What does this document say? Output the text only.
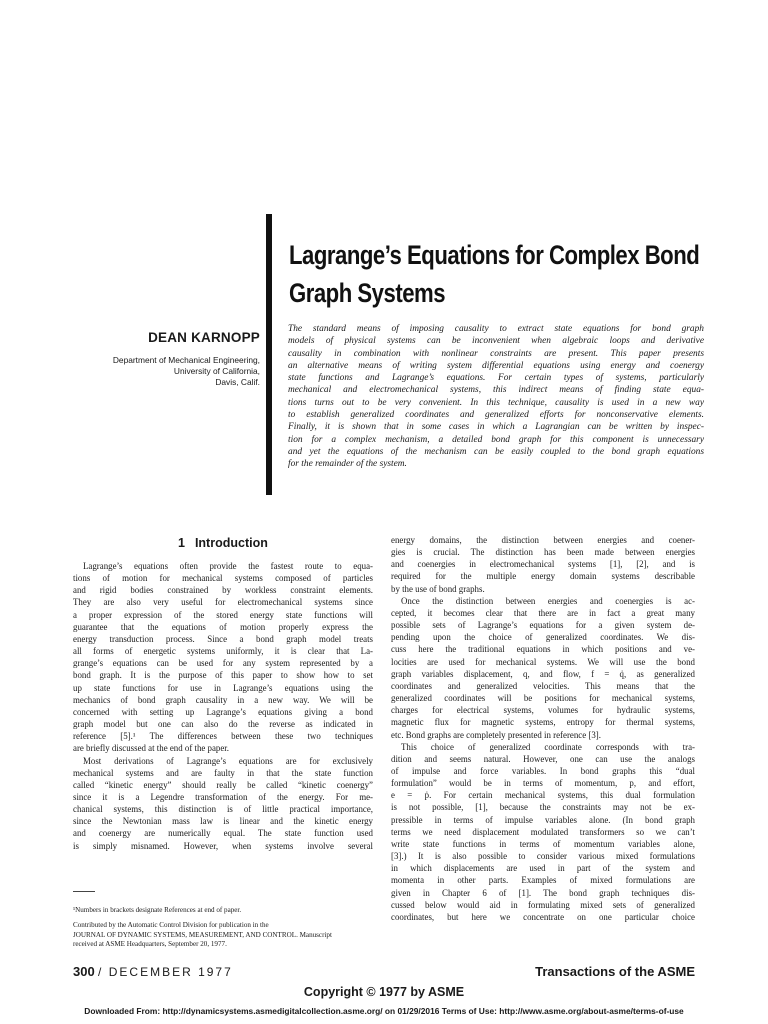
Lagrange’s Equations for Complex Bond
Graph Systems
DEAN KARNOPP
Department of Mechanical Engineering,
University of California,
Davis, Calif.
The standard means of imposing causality to extract state equations for bond graph
models of physical systems can be inconvenient when algebraic loops and derivative
causality in combination with nonlinear constraints are present. This paper presents
an alternative means of writing system differential equations using energy and coenergy
state functions and Lagrange’s equations. For certain types of systems, particularly
mechanical and electromechanical systems, this indirect means of finding state equa-
tions turns out to be very convenient. In this technique, causality is used in a new way
to establish generalized coordinates and generalized efforts for nonconservative elements.
Finally, it is shown that in some cases in which a Lagrangian can be written by inspec-
tion for a complex mechanism, a detailed bond graph for this component is unnecessary
and yet the equations of the mechanism can be easily coupled to the bond graph equations
for the remainder of the system.
1 Introduction
Lagrange’s equations often provide the fastest route to equa-
tions of motion for mechanical systems composed of particles
and rigid bodies constrained by workless constraint elements.
They are also very useful for electromechanical systems since
a proper expression of the stored energy state functions will
guarantee that the equations of motion properly express the
energy transduction process. Since a bond graph model treats
all forms of energetic systems uniformly, it is clear that La-
grange’s equations can be used for any system represented by a
bond graph. It is the purpose of this paper to show how to set
up state functions for use in Lagrange’s equations using the
mechanics of bond graph causality in a new way. We will be
concerned with setting up Lagrange’s equations giving a bond
graph model but one can also do the reverse as indicated in
reference [5].¹ The differences between these two techniques
are briefly discussed at the end of the paper.
Most derivations of Lagrange’s equations are for exclusively
mechanical systems and are faulty in that the state function
called “kinetic energy” should really be called “kinetic coenergy”
since it is a Legendre transformation of the energy. For me-
chanical systems, this distinction is of little practical importance,
since the Newtonian mass law is linear and the kinetic energy
and coenergy are numerically equal. The state function used
is simply misnamed. However, when systems involve several
energy domains, the distinction between energies and coener-
gies is crucial. The distinction has been made between energies
and coenergies in electromechanical systems [1], [2], and is
required for the multiple energy domain systems describable
by the use of bond graphs.
Once the distinction between energies and coenergies is ac-
cepted, it becomes clear that there are in fact a great many
possible sets of Lagrange’s equations for a given system de-
pending upon the choice of generalized coordinates. We dis-
cuss here the traditional equations in which positions and ve-
locities are used for mechanical systems. We will use the bond
graph variables displacement, q, and flow, f = q̇, as generalized
coordinates and generalized velocities. This means that the
generalized coordinates will be positions for mechanical systems,
charges for electrical systems, volumes for hydraulic systems,
magnetic flux for magnetic systems, entropy for thermal systems,
etc. Bond graphs are completely presented in reference [3].
This choice of generalized coordinate corresponds with tra-
dition and seems natural. However, one can use the analogs
of impulse and force variables. In bond graphs this “dual
formulation” would be in terms of momentum, p, and effort,
e = ṗ. For certain mechanical systems, this dual formulation
is not possible, [1], because the constraints may not be ex-
pressible in terms of impulse variables alone. (In bond graph
terms we need displacement modulated transformers so we can’t
write state functions in terms of momentum variables alone,
[3].) It is also possible to consider various mixed formulations
in which displacements are used in part of the system and
momenta in other parts. Examples of mixed formulations are
given in Chapter 6 of [1]. The bond graph techniques dis-
cussed below would aid in formulating mixed sets of generalized
coordinates, but here we concentrate on one particular choice
¹Numbers in brackets designate References at end of paper.
Contributed by the Automatic Control Division for publication in the
JOURNAL OF DYNAMIC SYSTEMS, MEASUREMENT, AND CONTROL. Manuscript
received at ASME Headquarters, September 20, 1977.
300 / DECEMBER 1977	Transactions of the ASME
Copyright © 1977 by ASME
Downloaded From: http://dynamicsystems.asmedigitalcollection.asme.org/ on 01/29/2016 Terms of Use: http://www.asme.org/about-asme/terms-of-use
